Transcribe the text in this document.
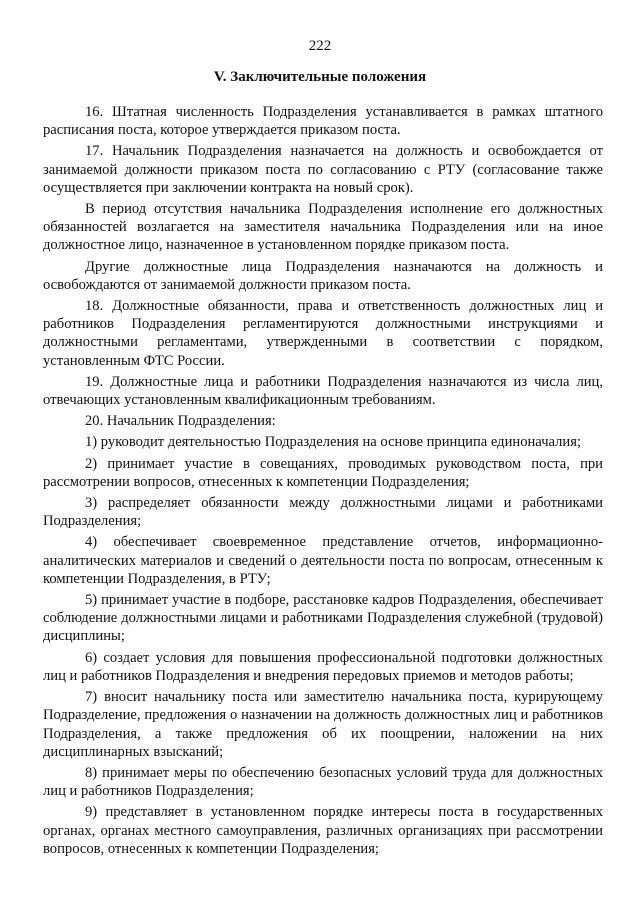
222
V. Заключительные положения

16. Штатная численность Подразделения устанавливается в рамках штатного расписания поста, которое утверждается приказом поста.

17. Начальник Подразделения назначается на должность и освобождается от занимаемой должности приказом поста по согласованию с РТУ (согласование также осуществляется при заключении контракта на новый срок).

В период отсутствия начальника Подразделения исполнение его должностных обязанностей возлагается на заместителя начальника Подразделения или на иное должностное лицо, назначенное в установленном порядке приказом поста.

Другие должностные лица Подразделения назначаются на должность и освобождаются от занимаемой должности приказом поста.

18. Должностные обязанности, права и ответственность должностных лиц и работников Подразделения регламентируются должностными инструкциями и должностными регламентами, утвержденными в соответствии с порядком, установленным ФТС России.

19. Должностные лица и работники Подразделения назначаются из числа лиц, отвечающих установленным квалификационным требованиям.

20. Начальник Подразделения:

1) руководит деятельностью Подразделения на основе принципа единоначалия;

2) принимает участие в совещаниях, проводимых руководством поста, при рассмотрении вопросов, отнесенных к компетенции Подразделения;

3) распределяет обязанности между должностными лицами и работниками Подразделения;

4) обеспечивает своевременное представление отчетов, информационно-аналитических материалов и сведений о деятельности поста по вопросам, отнесенным к компетенции Подразделения, в РТУ;

5) принимает участие в подборе, расстановке кадров Подразделения, обеспечивает соблюдение должностными лицами и работниками Подразделения служебной (трудовой) дисциплины;

6) создает условия для повышения профессиональной подготовки должностных лиц и работников Подразделения и внедрения передовых приемов и методов работы;

7) вносит начальнику поста или заместителю начальника поста, курирующему Подразделение, предложения о назначении на должность должностных лиц и работников Подразделения, а также предложения об их поощрении, наложении на них дисциплинарных взысканий;

8) принимает меры по обеспечению безопасных условий труда для должностных лиц и работников Подразделения;

9) представляет в установленном порядке интересы поста в государственных органах, органах местного самоуправления, различных организациях при рассмотрении вопросов, отнесенных к компетенции Подразделения;
